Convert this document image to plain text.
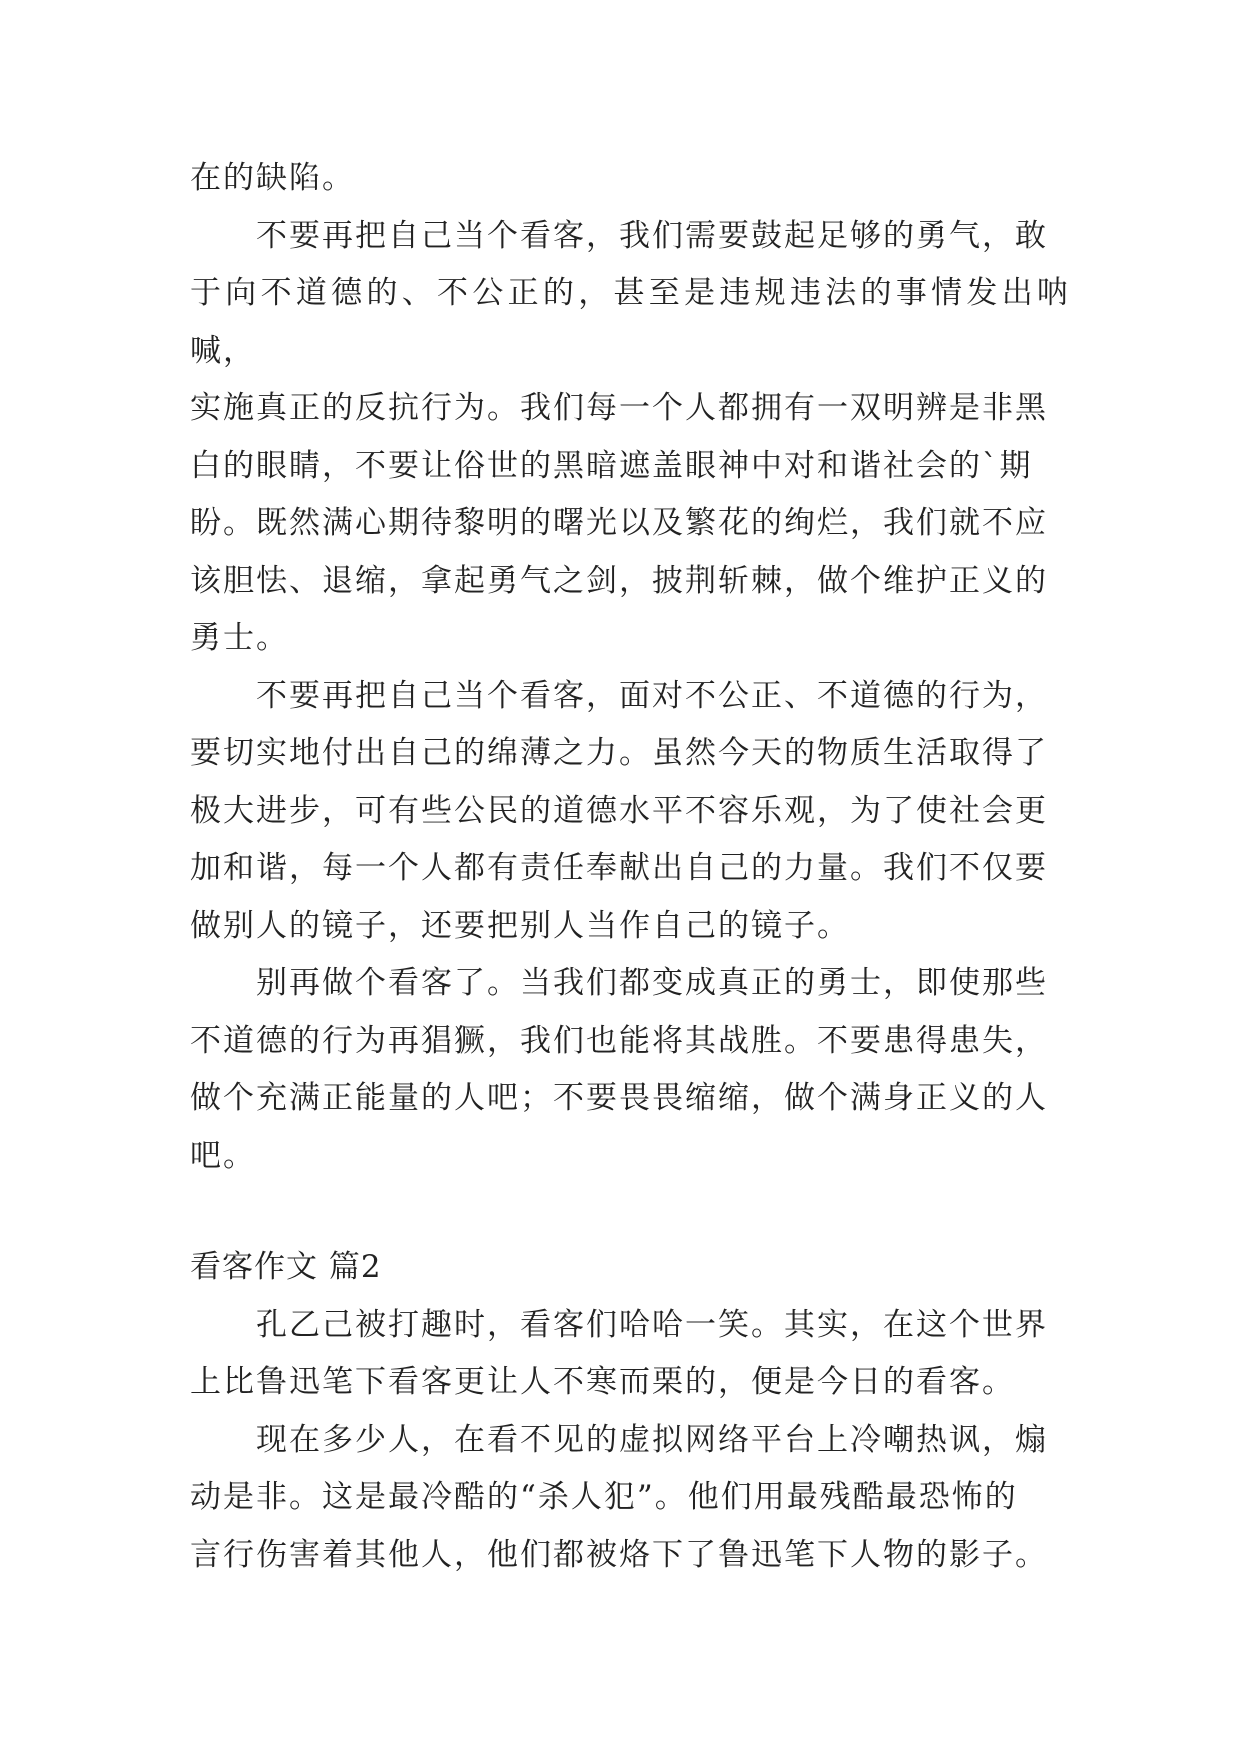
在的缺陷。

不要再把自己当个看客，我们需要鼓起足够的勇气，敢
于向不道德的、不公正的，甚至是违规违法的事情发出呐喊，
实施真正的反抗行为。我们每一个人都拥有一双明辨是非黑
白的眼睛，不要让俗世的黑暗遮盖眼神中对和谐社会的`期
盼。既然满心期待黎明的曙光以及繁花的绚烂，我们就不应
该胆怯、退缩，拿起勇气之剑，披荆斩棘，做个维护正义的
勇士。

不要再把自己当个看客，面对不公正、不道德的行为，
要切实地付出自己的绵薄之力。虽然今天的物质生活取得了
极大进步，可有些公民的道德水平不容乐观，为了使社会更
加和谐，每一个人都有责任奉献出自己的力量。我们不仅要
做别人的镜子，还要把别人当作自己的镜子。

别再做个看客了。当我们都变成真正的勇士，即使那些
不道德的行为再猖獗，我们也能将其战胜。不要患得患失，
做个充满正能量的人吧；不要畏畏缩缩，做个满身正义的人
吧。

看客作文 篇2

孔乙己被打趣时，看客们哈哈一笑。其实，在这个世界
上比鲁迅笔下看客更让人不寒而栗的，便是今日的看客。

现在多少人，在看不见的虚拟网络平台上冷嘲热讽，煽
动是非。这是最冷酷的“杀人犯”。他们用最残酷最恐怖的
言行伤害着其他人，他们都被烙下了鲁迅笔下人物的影子。
